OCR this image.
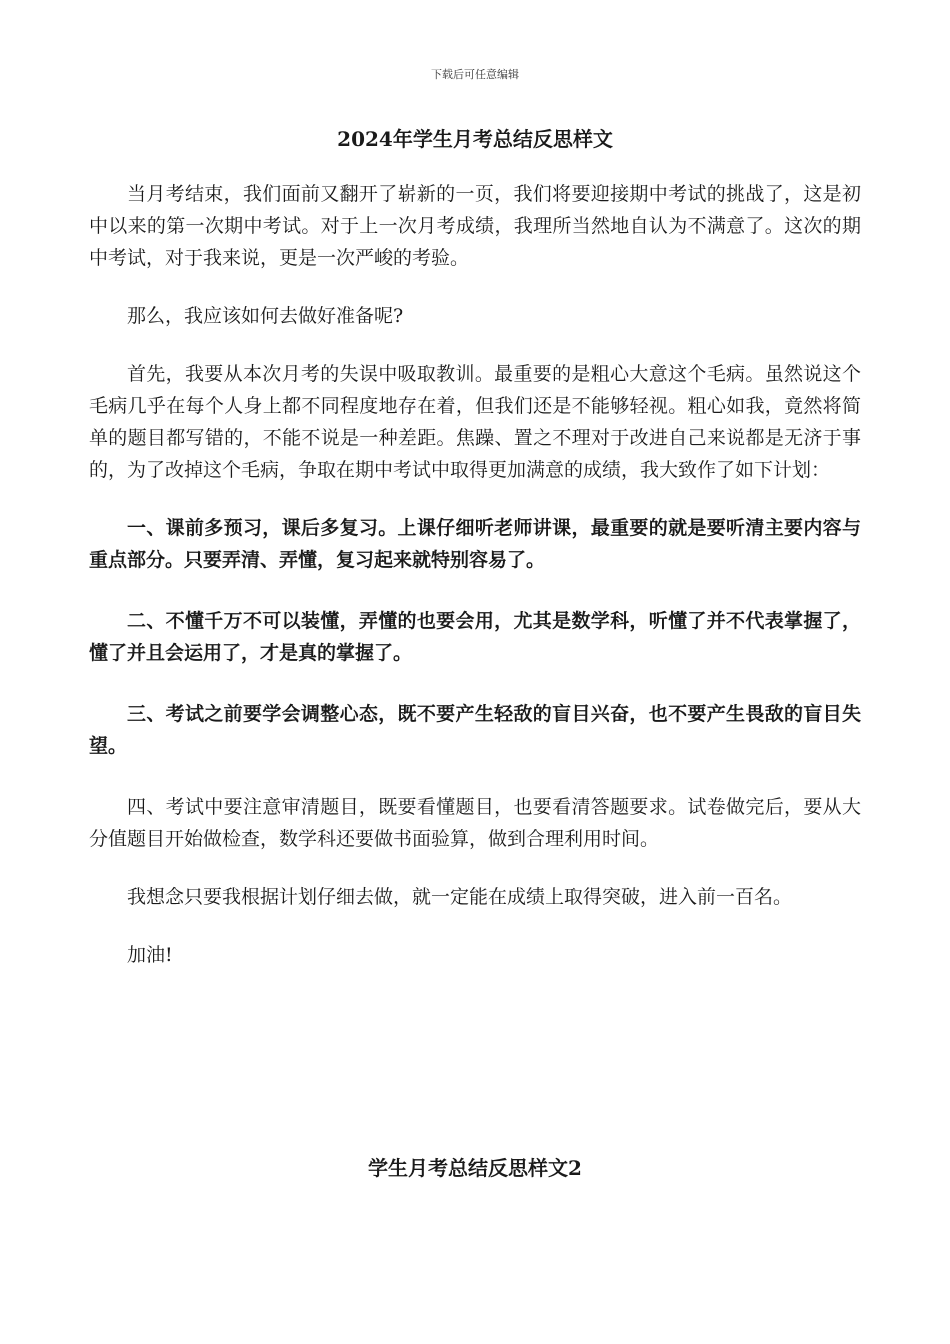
下载后可任意编辑

2024年学生月考总结反思样文

当月考结束，我们面前又翻开了崭新的一页，我们将要迎接期中考试的挑战了，这是初中以来的第一次期中考试。对于上一次月考成绩，我理所当然地自认为不满意了。这次的期中考试，对于我来说，更是一次严峻的考验。

那么，我应该如何去做好准备呢?

首先，我要从本次月考的失误中吸取教训。最重要的是粗心大意这个毛病。虽然说这个毛病几乎在每个人身上都不同程度地存在着，但我们还是不能够轻视。粗心如我，竟然将简单的题目都写错的，不能不说是一种差距。焦躁、置之不理对于改进自己来说都是无济于事的，为了改掉这个毛病，争取在期中考试中取得更加满意的成绩，我大致作了如下计划：

一、课前多预习，课后多复习。上课仔细听老师讲课，最重要的就是要听清主要内容与重点部分。只要弄清、弄懂，复习起来就特别容易了。

二、不懂千万不可以装懂，弄懂的也要会用，尤其是数学科，听懂了并不代表掌握了，懂了并且会运用了，才是真的掌握了。

三、考试之前要学会调整心态，既不要产生轻敌的盲目兴奋，也不要产生畏敌的盲目失望。

四、考试中要注意审清题目，既要看懂题目，也要看清答题要求。试卷做完后，要从大分值题目开始做检查，数学科还要做书面验算，做到合理利用时间。

我想念只要我根据计划仔细去做，就一定能在成绩上取得突破，进入前一百名。

加油!

学生月考总结反思样文2
